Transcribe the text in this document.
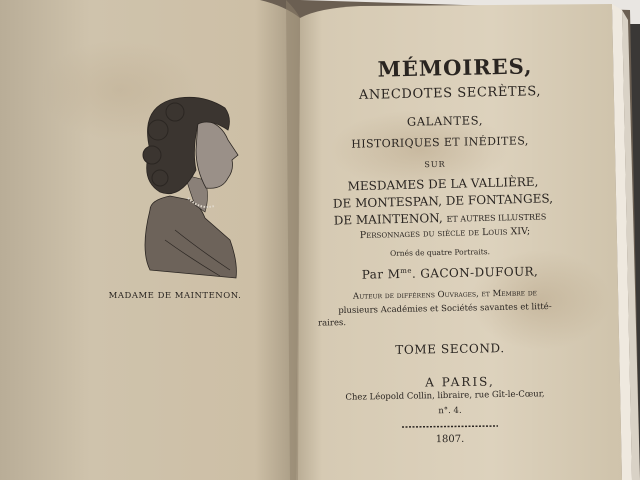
MADAME DE MAINTENON.

MÉMOIRES,

ANECDOTES SECRÈTES,

GALANTES,

HISTORIQUES ET INÉDITES,

SUR

MESDAMES DE LA VALLIÈRE,

DE MONTESPAN, DE FONTANGES,

DE MAINTENON, ET AUTRES ILLUSTRES

Personnages du siècle de Louis XIV;

Ornés de quatre Portraits.

Par $M^{me}$. GACON-DUFOUR,

Auteur de différens Ouvrages, et Membre de

plusieurs Académies et Sociétés savantes et litté-

raires.

TOME SECOND.

A PARIS,

Chez Léopold Collin, libraire, rue Gît-le-Cœur,

n°. 4.

1807.
